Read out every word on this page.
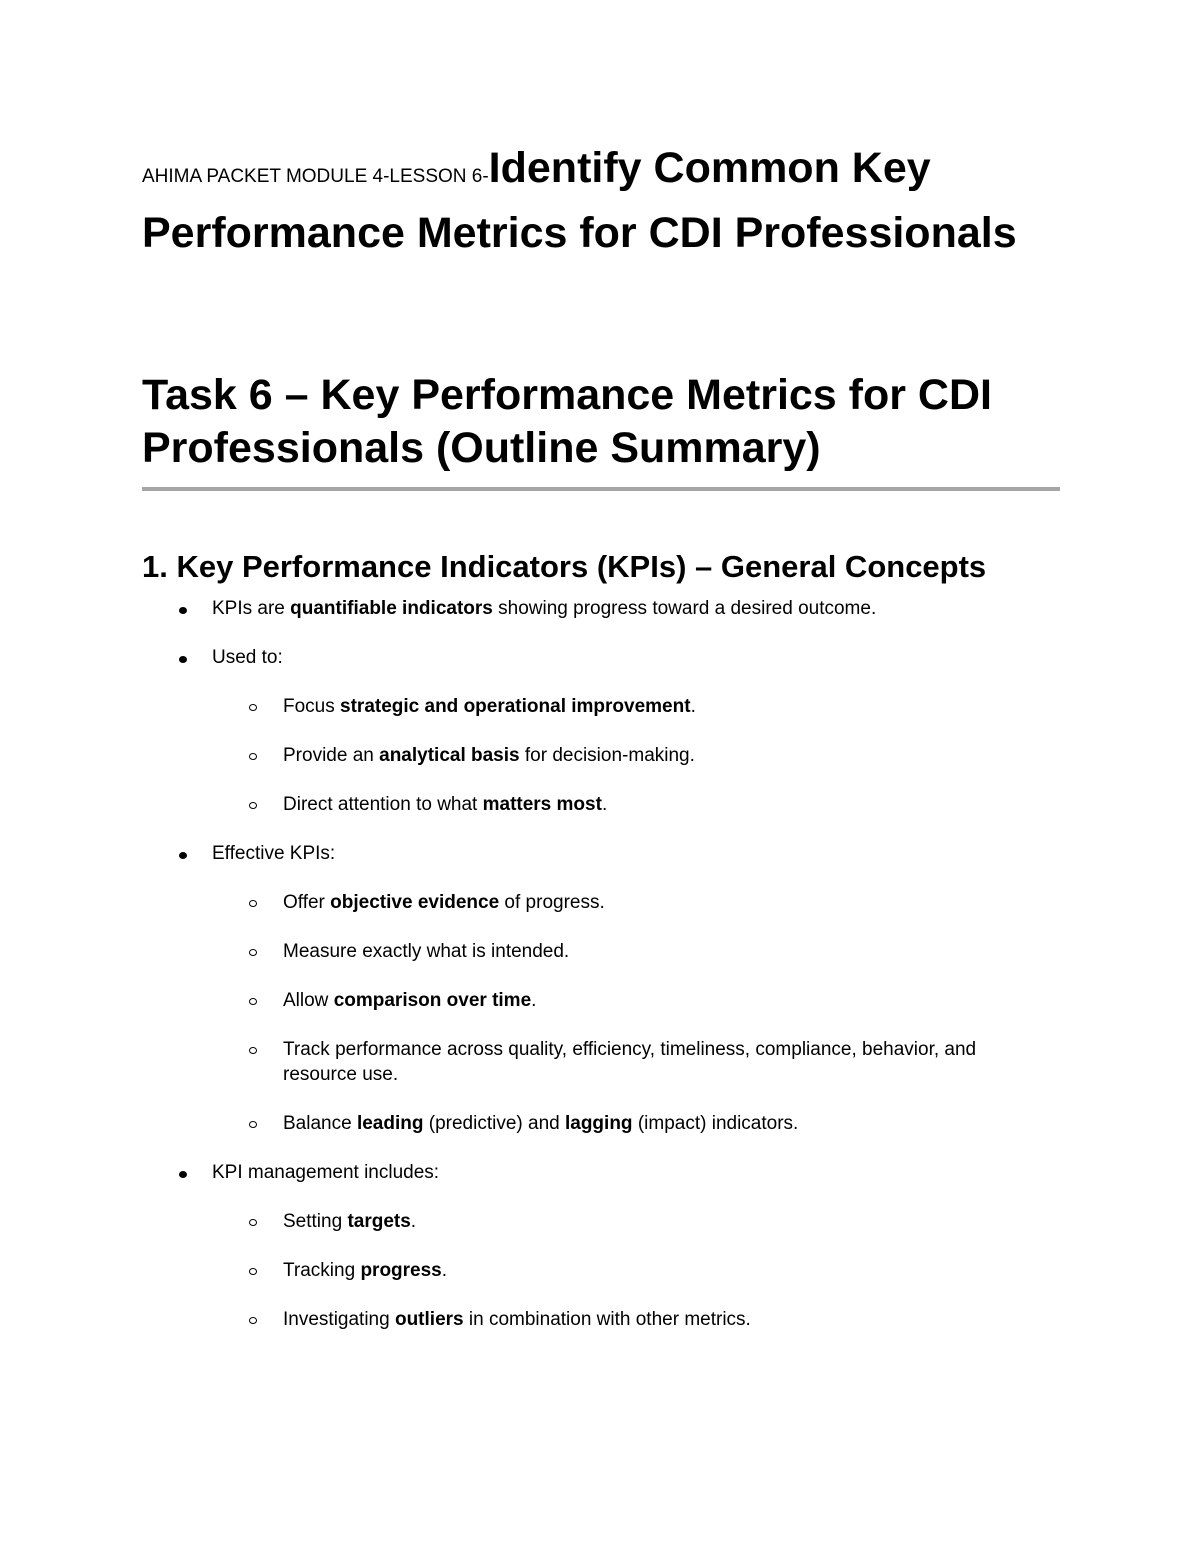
AHIMA PACKET MODULE 4-LESSON 6-Identify Common Key Performance Metrics for CDI Professionals
Task 6 – Key Performance Metrics for CDI Professionals (Outline Summary)
1. Key Performance Indicators (KPIs) – General Concepts
KPIs are quantifiable indicators showing progress toward a desired outcome.
Used to:
Focus strategic and operational improvement.
Provide an analytical basis for decision-making.
Direct attention to what matters most.
Effective KPIs:
Offer objective evidence of progress.
Measure exactly what is intended.
Allow comparison over time.
Track performance across quality, efficiency, timeliness, compliance, behavior, and resource use.
Balance leading (predictive) and lagging (impact) indicators.
KPI management includes:
Setting targets.
Tracking progress.
Investigating outliers in combination with other metrics.
